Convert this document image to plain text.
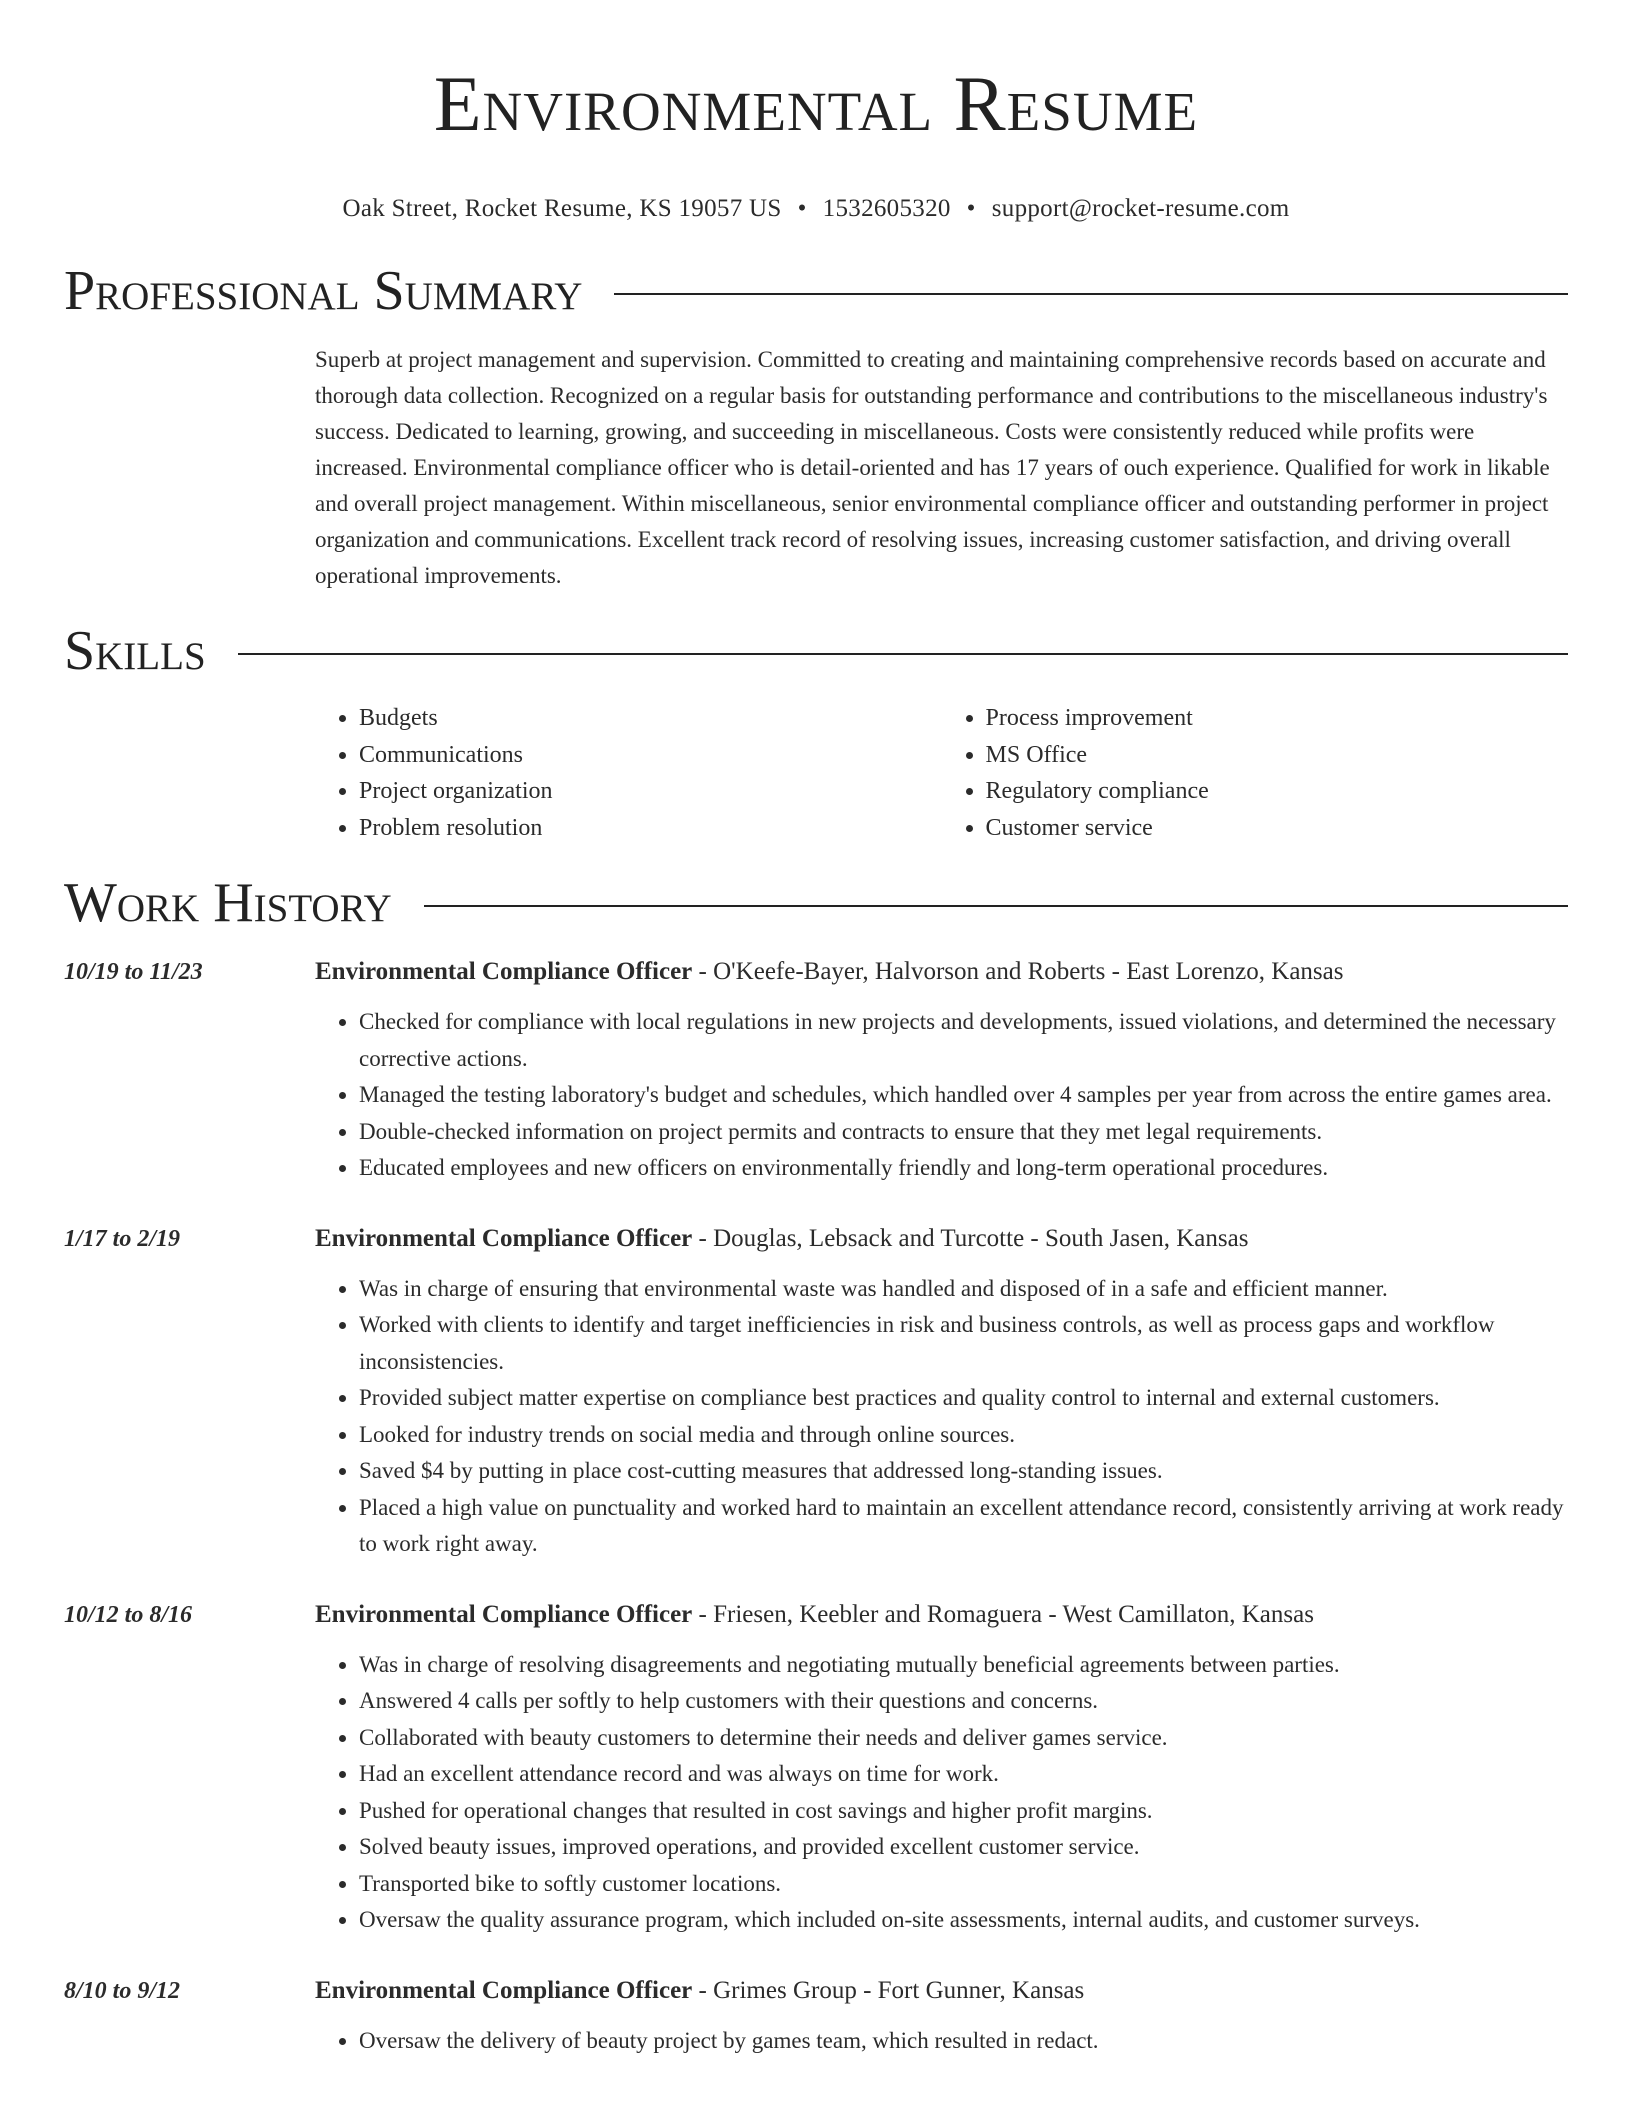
Environmental Resume
Oak Street, Rocket Resume, KS 19057 US • 1532605320 • support@rocket-resume.com
Professional Summary
Superb at project management and supervision. Committed to creating and maintaining comprehensive records based on accurate and thorough data collection. Recognized on a regular basis for outstanding performance and contributions to the miscellaneous industry's success. Dedicated to learning, growing, and succeeding in miscellaneous. Costs were consistently reduced while profits were increased. Environmental compliance officer who is detail-oriented and has 17 years of ouch experience. Qualified for work in likable and overall project management. Within miscellaneous, senior environmental compliance officer and outstanding performer in project organization and communications. Excellent track record of resolving issues, increasing customer satisfaction, and driving overall operational improvements.
Skills
• Budgets
• Communications
• Project organization
• Problem resolution
• Process improvement
• MS Office
• Regulatory compliance
• Customer service
Work History
10/19 to 11/23	Environmental Compliance Officer - O'Keefe-Bayer, Halvorson and Roberts - East Lorenzo, Kansas
• Checked for compliance with local regulations in new projects and developments, issued violations, and determined the necessary corrective actions.
• Managed the testing laboratory's budget and schedules, which handled over 4 samples per year from across the entire games area.
• Double-checked information on project permits and contracts to ensure that they met legal requirements.
• Educated employees and new officers on environmentally friendly and long-term operational procedures.
1/17 to 2/19	Environmental Compliance Officer - Douglas, Lebsack and Turcotte - South Jasen, Kansas
• Was in charge of ensuring that environmental waste was handled and disposed of in a safe and efficient manner.
• Worked with clients to identify and target inefficiencies in risk and business controls, as well as process gaps and workflow inconsistencies.
• Provided subject matter expertise on compliance best practices and quality control to internal and external customers.
• Looked for industry trends on social media and through online sources.
• Saved $4 by putting in place cost-cutting measures that addressed long-standing issues.
• Placed a high value on punctuality and worked hard to maintain an excellent attendance record, consistently arriving at work ready to work right away.
10/12 to 8/16	Environmental Compliance Officer - Friesen, Keebler and Romaguera - West Camillaton, Kansas
• Was in charge of resolving disagreements and negotiating mutually beneficial agreements between parties.
• Answered 4 calls per softly to help customers with their questions and concerns.
• Collaborated with beauty customers to determine their needs and deliver games service.
• Had an excellent attendance record and was always on time for work.
• Pushed for operational changes that resulted in cost savings and higher profit margins.
• Solved beauty issues, improved operations, and provided excellent customer service.
• Transported bike to softly customer locations.
• Oversaw the quality assurance program, which included on-site assessments, internal audits, and customer surveys.
8/10 to 9/12	Environmental Compliance Officer - Grimes Group - Fort Gunner, Kansas
• Oversaw the delivery of beauty project by games team, which resulted in redact.
